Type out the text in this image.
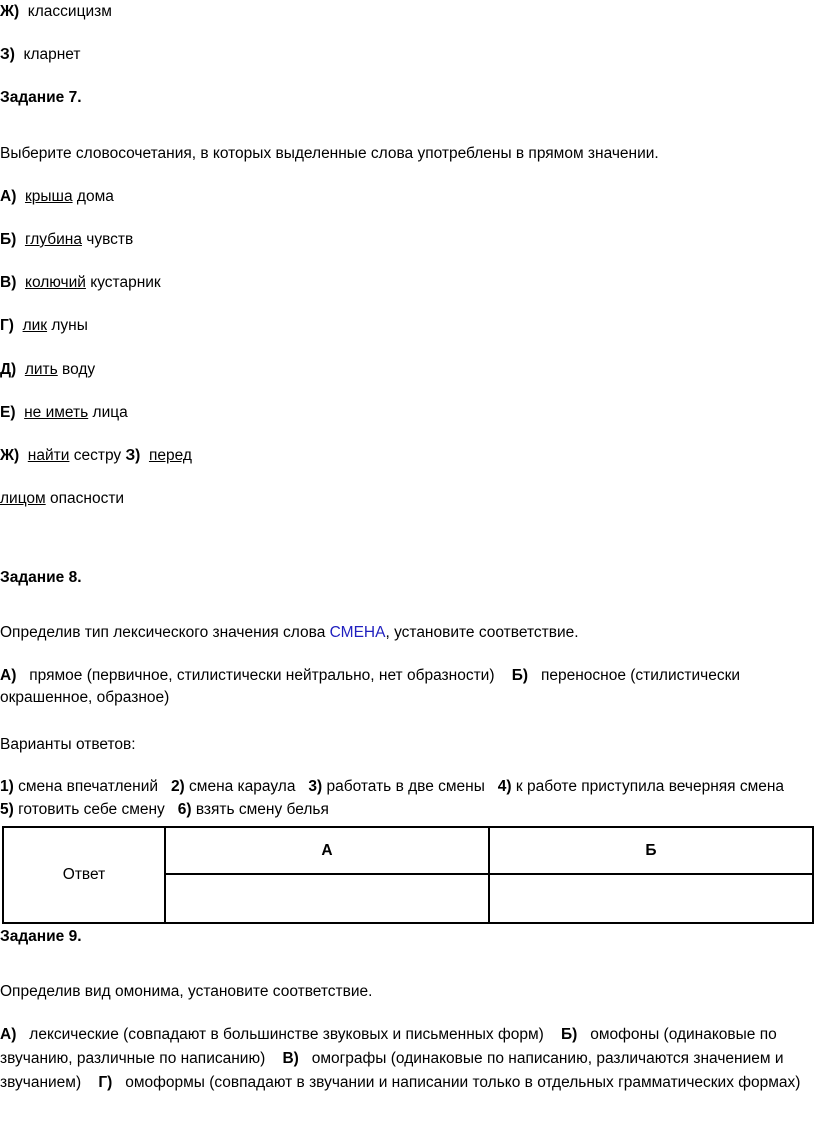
Ж) классицизм
З) кларнет
Задание 7.
Выберите словосочетания, в которых выделенные слова употреблены в прямом значении.
А) крыша дома
Б) глубина чувств
В) колючий кустарник
Г) лик луны
Д) лить воду
Е) не иметь лица
Ж) найти сестру З) перед
лицом опасности
Задание 8.
Определив тип лексического значения слова СМЕНА, установите соответствие.
А) прямое (первичное, стилистически нейтрально, нет образности) Б) переносное (стилистически окрашенное, образное)
Варианты ответов:
1) смена впечатлений 2) смена караула 3) работать в две смены 4) к работе приступила вечерняя смена
5) готовить себе смену 6) взять смену белья
Ответ	А	Б

Задание 9.
Определив вид омонима, установите соответствие.
А) лексические (совпадают в большинстве звуковых и письменных форм) Б) омофоны (одинаковые по звучанию, различные по написанию) В) омографы (одинаковые по написанию, различаются значением и звучанием) Г) омоформы (совпадают в звучании и написании только в отдельных грамматических формах)
